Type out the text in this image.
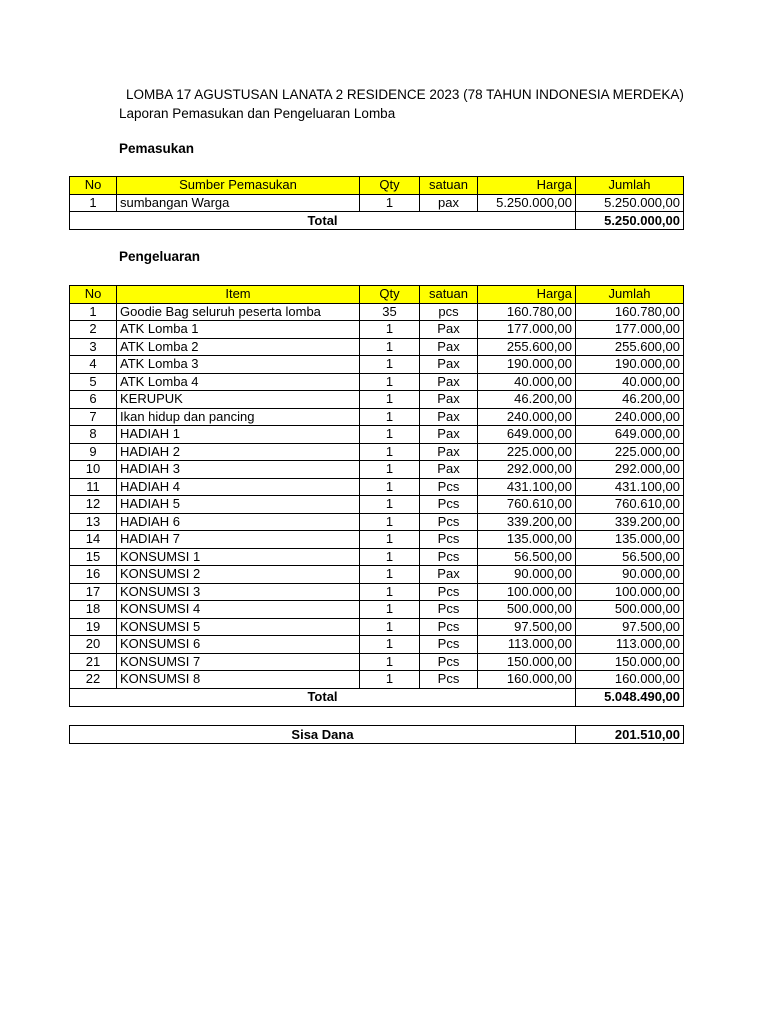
LOMBA 17 AGUSTUSAN LANATA 2 RESIDENCE 2023 (78 TAHUN INDONESIA MERDEKA)
Laporan Pemasukan dan Pengeluaran Lomba
Pemasukan
No	Sumber Pemasukan	Qty	satuan	Harga	Jumlah
1	sumbangan Warga	1	pax	5.250.000,00	5.250.000,00
Total					5.250.000,00
Pengeluaran
No	Item	Qty	satuan	Harga	Jumlah
1	Goodie Bag seluruh peserta lomba	35	pcs	160.780,00	160.780,00
2	ATK Lomba 1	1	Pax	177.000,00	177.000,00
3	ATK Lomba 2	1	Pax	255.600,00	255.600,00
4	ATK Lomba 3	1	Pax	190.000,00	190.000,00
5	ATK Lomba 4	1	Pax	40.000,00	40.000,00
6	KERUPUK	1	Pax	46.200,00	46.200,00
7	Ikan hidup dan pancing	1	Pax	240.000,00	240.000,00
8	HADIAH 1	1	Pax	649.000,00	649.000,00
9	HADIAH 2	1	Pax	225.000,00	225.000,00
10	HADIAH 3	1	Pax	292.000,00	292.000,00
11	HADIAH 4	1	Pcs	431.100,00	431.100,00
12	HADIAH 5	1	Pcs	760.610,00	760.610,00
13	HADIAH 6	1	Pcs	339.200,00	339.200,00
14	HADIAH 7	1	Pcs	135.000,00	135.000,00
15	KONSUMSI 1	1	Pcs	56.500,00	56.500,00
16	KONSUMSI 2	1	Pax	90.000,00	90.000,00
17	KONSUMSI 3	1	Pcs	100.000,00	100.000,00
18	KONSUMSI 4	1	Pcs	500.000,00	500.000,00
19	KONSUMSI 5	1	Pcs	97.500,00	97.500,00
20	KONSUMSI 6	1	Pcs	113.000,00	113.000,00
21	KONSUMSI 7	1	Pcs	150.000,00	150.000,00
22	KONSUMSI 8	1	Pcs	160.000,00	160.000,00
Total					5.048.490,00
Sisa Dana	201.510,00
